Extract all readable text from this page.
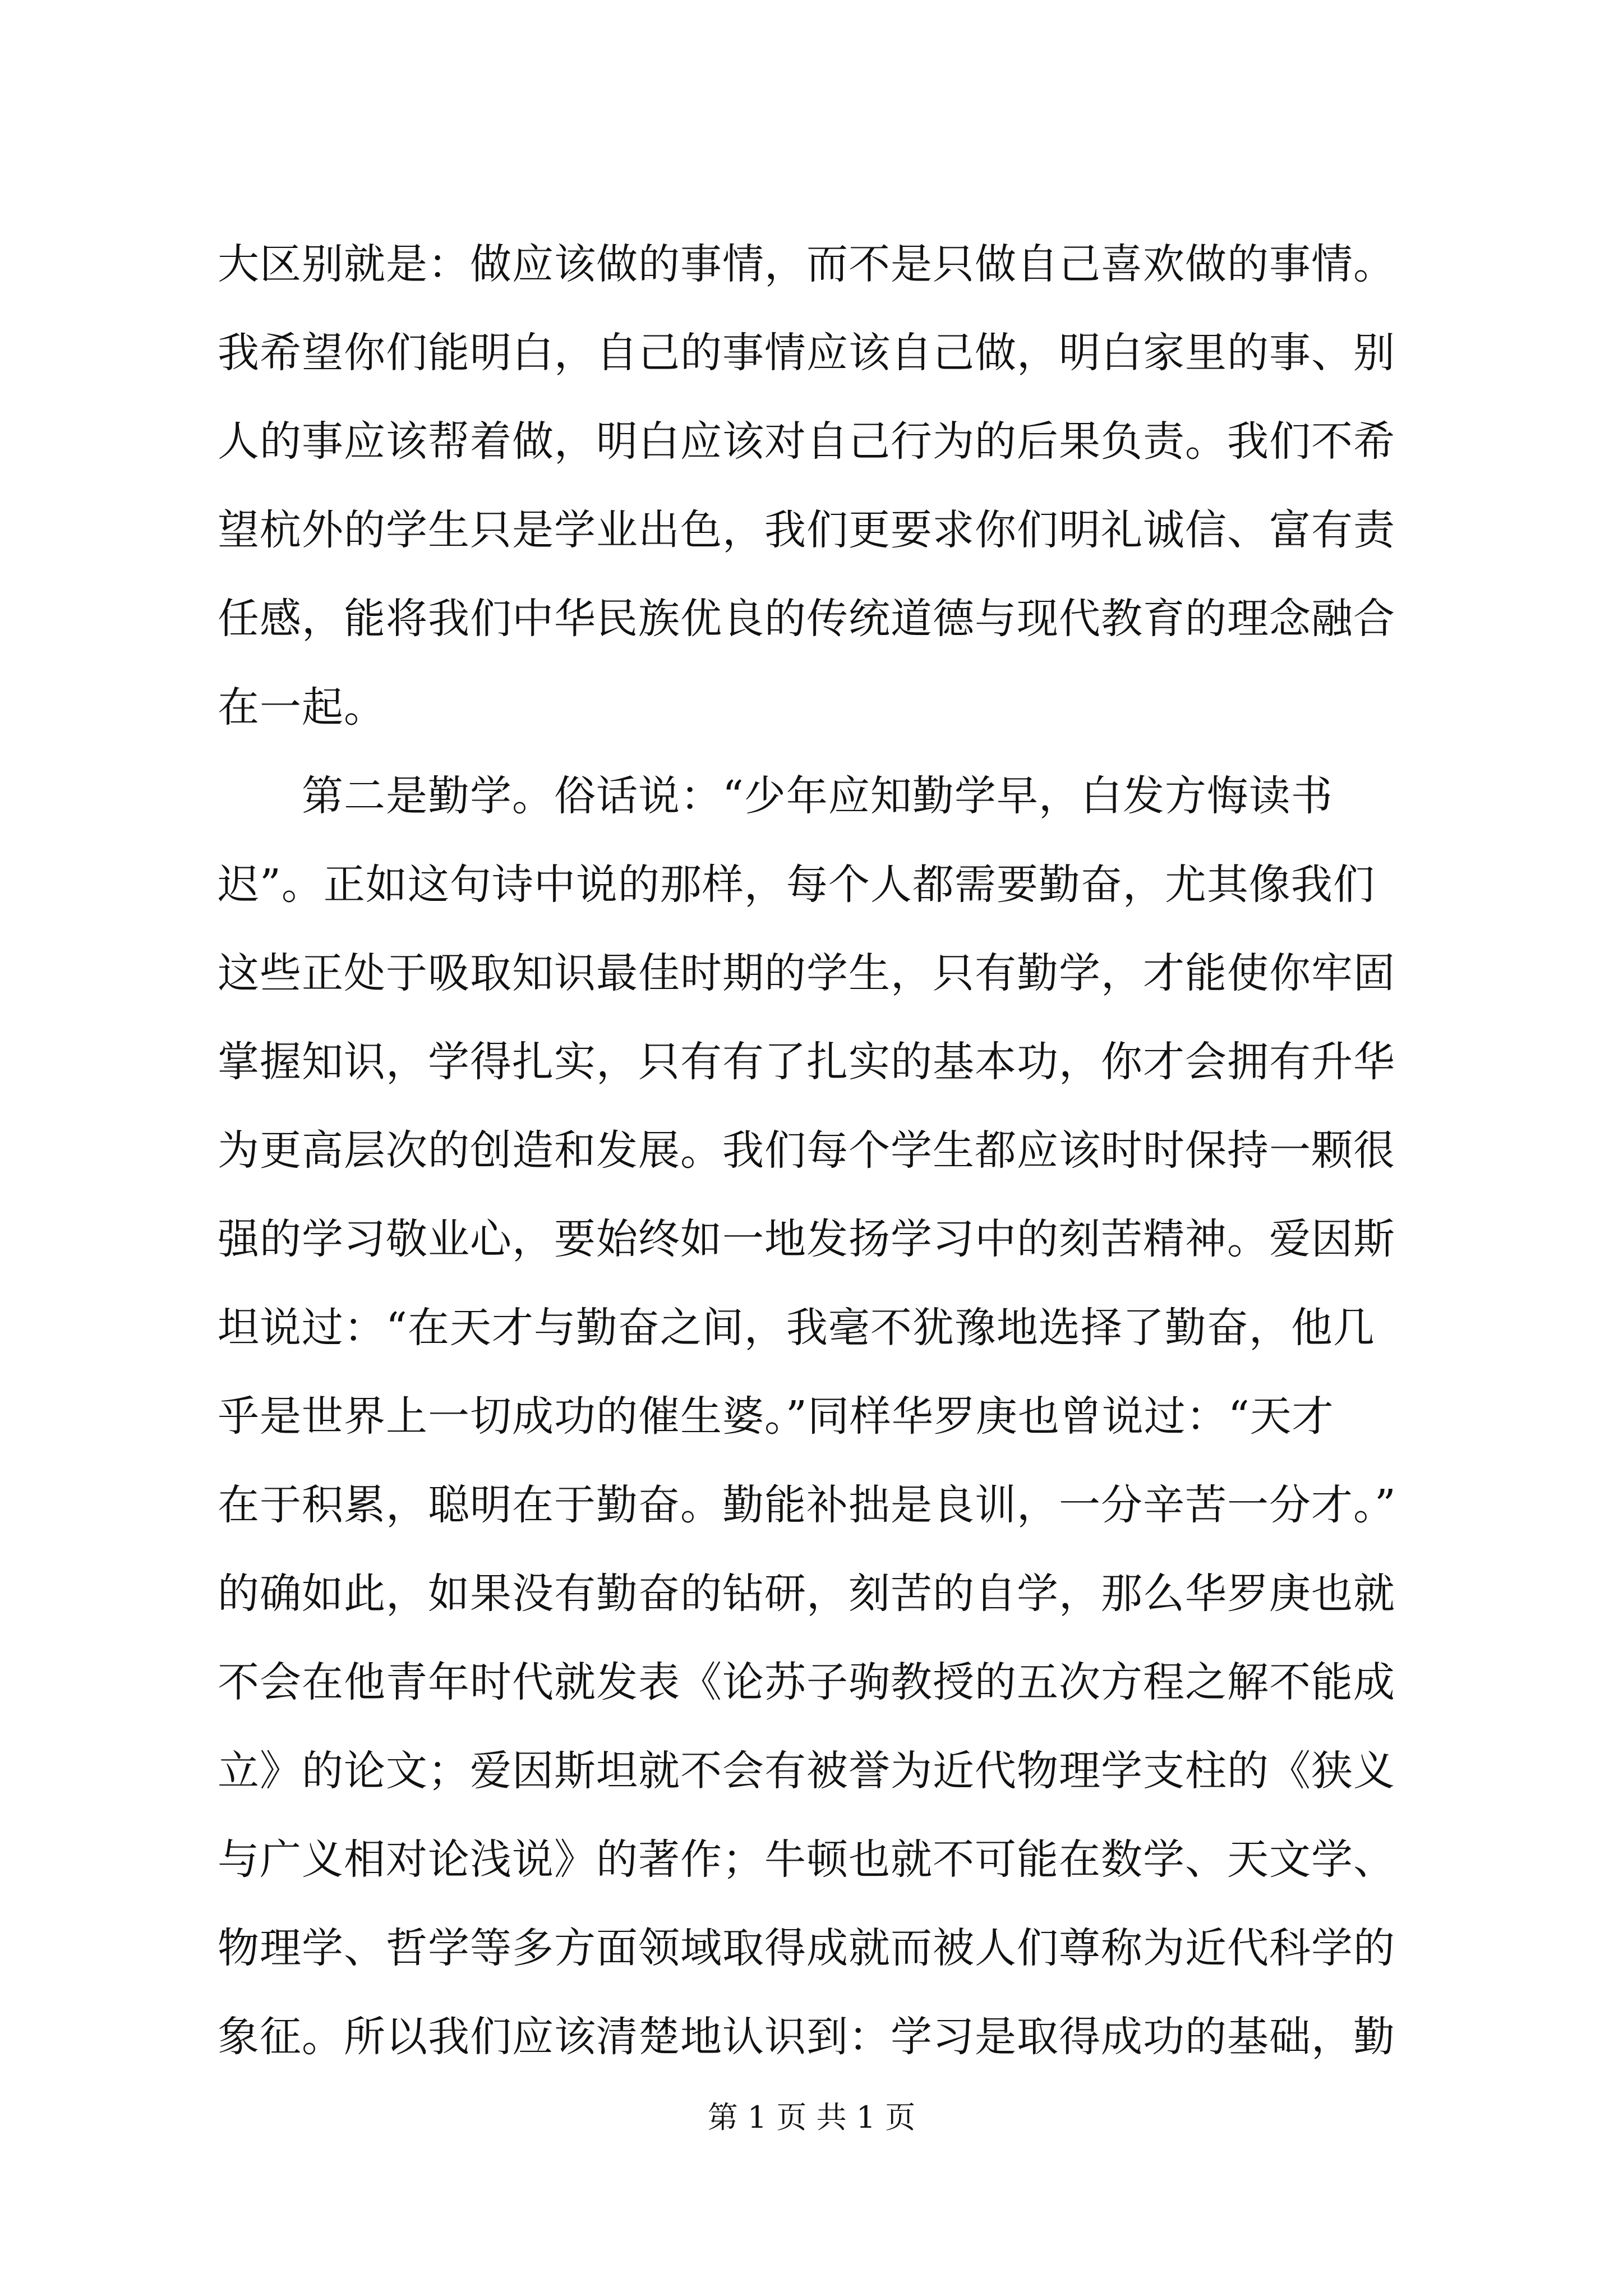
大区别就是：做应该做的事情，而不是只做自己喜欢做的事情。
我希望你们能明白，自己的事情应该自己做，明白家里的事、别
人的事应该帮着做，明白应该对自己行为的后果负责。我们不希
望杭外的学生只是学业出色，我们更要求你们明礼诚信、富有责
任感，能将我们中华民族优良的传统道德与现代教育的理念融合
在一起。
　　第二是勤学。俗话说：“少年应知勤学早，白发方悔读书
迟”。正如这句诗中说的那样，每个人都需要勤奋，尤其像我们
这些正处于吸取知识最佳时期的学生，只有勤学，才能使你牢固
掌握知识，学得扎实，只有有了扎实的基本功，你才会拥有升华
为更高层次的创造和发展。我们每个学生都应该时时保持一颗很
强的学习敬业心，要始终如一地发扬学习中的刻苦精神。爱因斯
坦说过：“在天才与勤奋之间，我毫不犹豫地选择了勤奋，他几
乎是世界上一切成功的催生婆。”同样华罗庚也曾说过：“天才
在于积累，聪明在于勤奋。勤能补拙是良训，一分辛苦一分才。”
的确如此，如果没有勤奋的钻研，刻苦的自学，那么华罗庚也就
不会在他青年时代就发表《论苏子驹教授的五次方程之解不能成
立》的论文；爱因斯坦就不会有被誉为近代物理学支柱的《狭义
与广义相对论浅说》的著作；牛顿也就不可能在数学、天文学、
物理学、哲学等多方面领域取得成就而被人们尊称为近代科学的
象征。所以我们应该清楚地认识到：学习是取得成功的基础，勤
第 1 页 共 1 页
